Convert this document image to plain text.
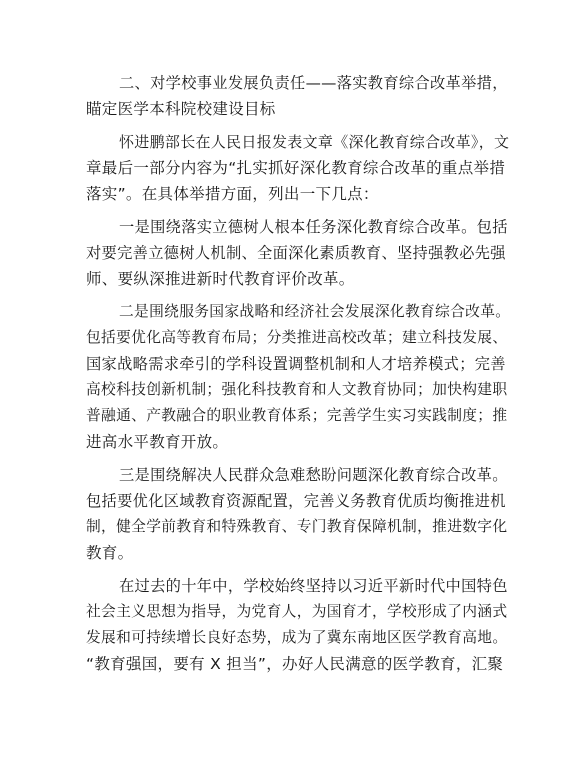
二、对学校事业发展负责任——落实教育综合改革举措，
瞄定医学本科院校建设目标
怀进鹏部长在人民日报发表文章《深化教育综合改革》，文
章最后一部分内容为“扎实抓好深化教育综合改革的重点举措
落实”。在具体举措方面，列出一下几点：
一是围绕落实立德树人根本任务深化教育综合改革。包括
对要完善立德树人机制、全面深化素质教育、坚持强教必先强
师、要纵深推进新时代教育评价改革。
二是围绕服务国家战略和经济社会发展深化教育综合改革。
包括要优化高等教育布局；分类推进高校改革；建立科技发展、
国家战略需求牵引的学科设置调整机制和人才培养模式；完善
高校科技创新机制；强化科技教育和人文教育协同；加快构建职
普融通、产教融合的职业教育体系；完善学生实习实践制度；推
进高水平教育开放。
三是围绕解决人民群众急难愁盼问题深化教育综合改革。
包括要优化区域教育资源配置，完善义务教育优质均衡推进机
制，健全学前教育和特殊教育、专门教育保障机制，推进数字化
教育。
在过去的十年中，学校始终坚持以习近平新时代中国特色
社会主义思想为指导，为党育人，为国育才，学校形成了内涵式
发展和可持续增长良好态势，成为了冀东南地区医学教育高地。
“教育强国，要有 X 担当”，办好人民满意的医学教育，汇聚
